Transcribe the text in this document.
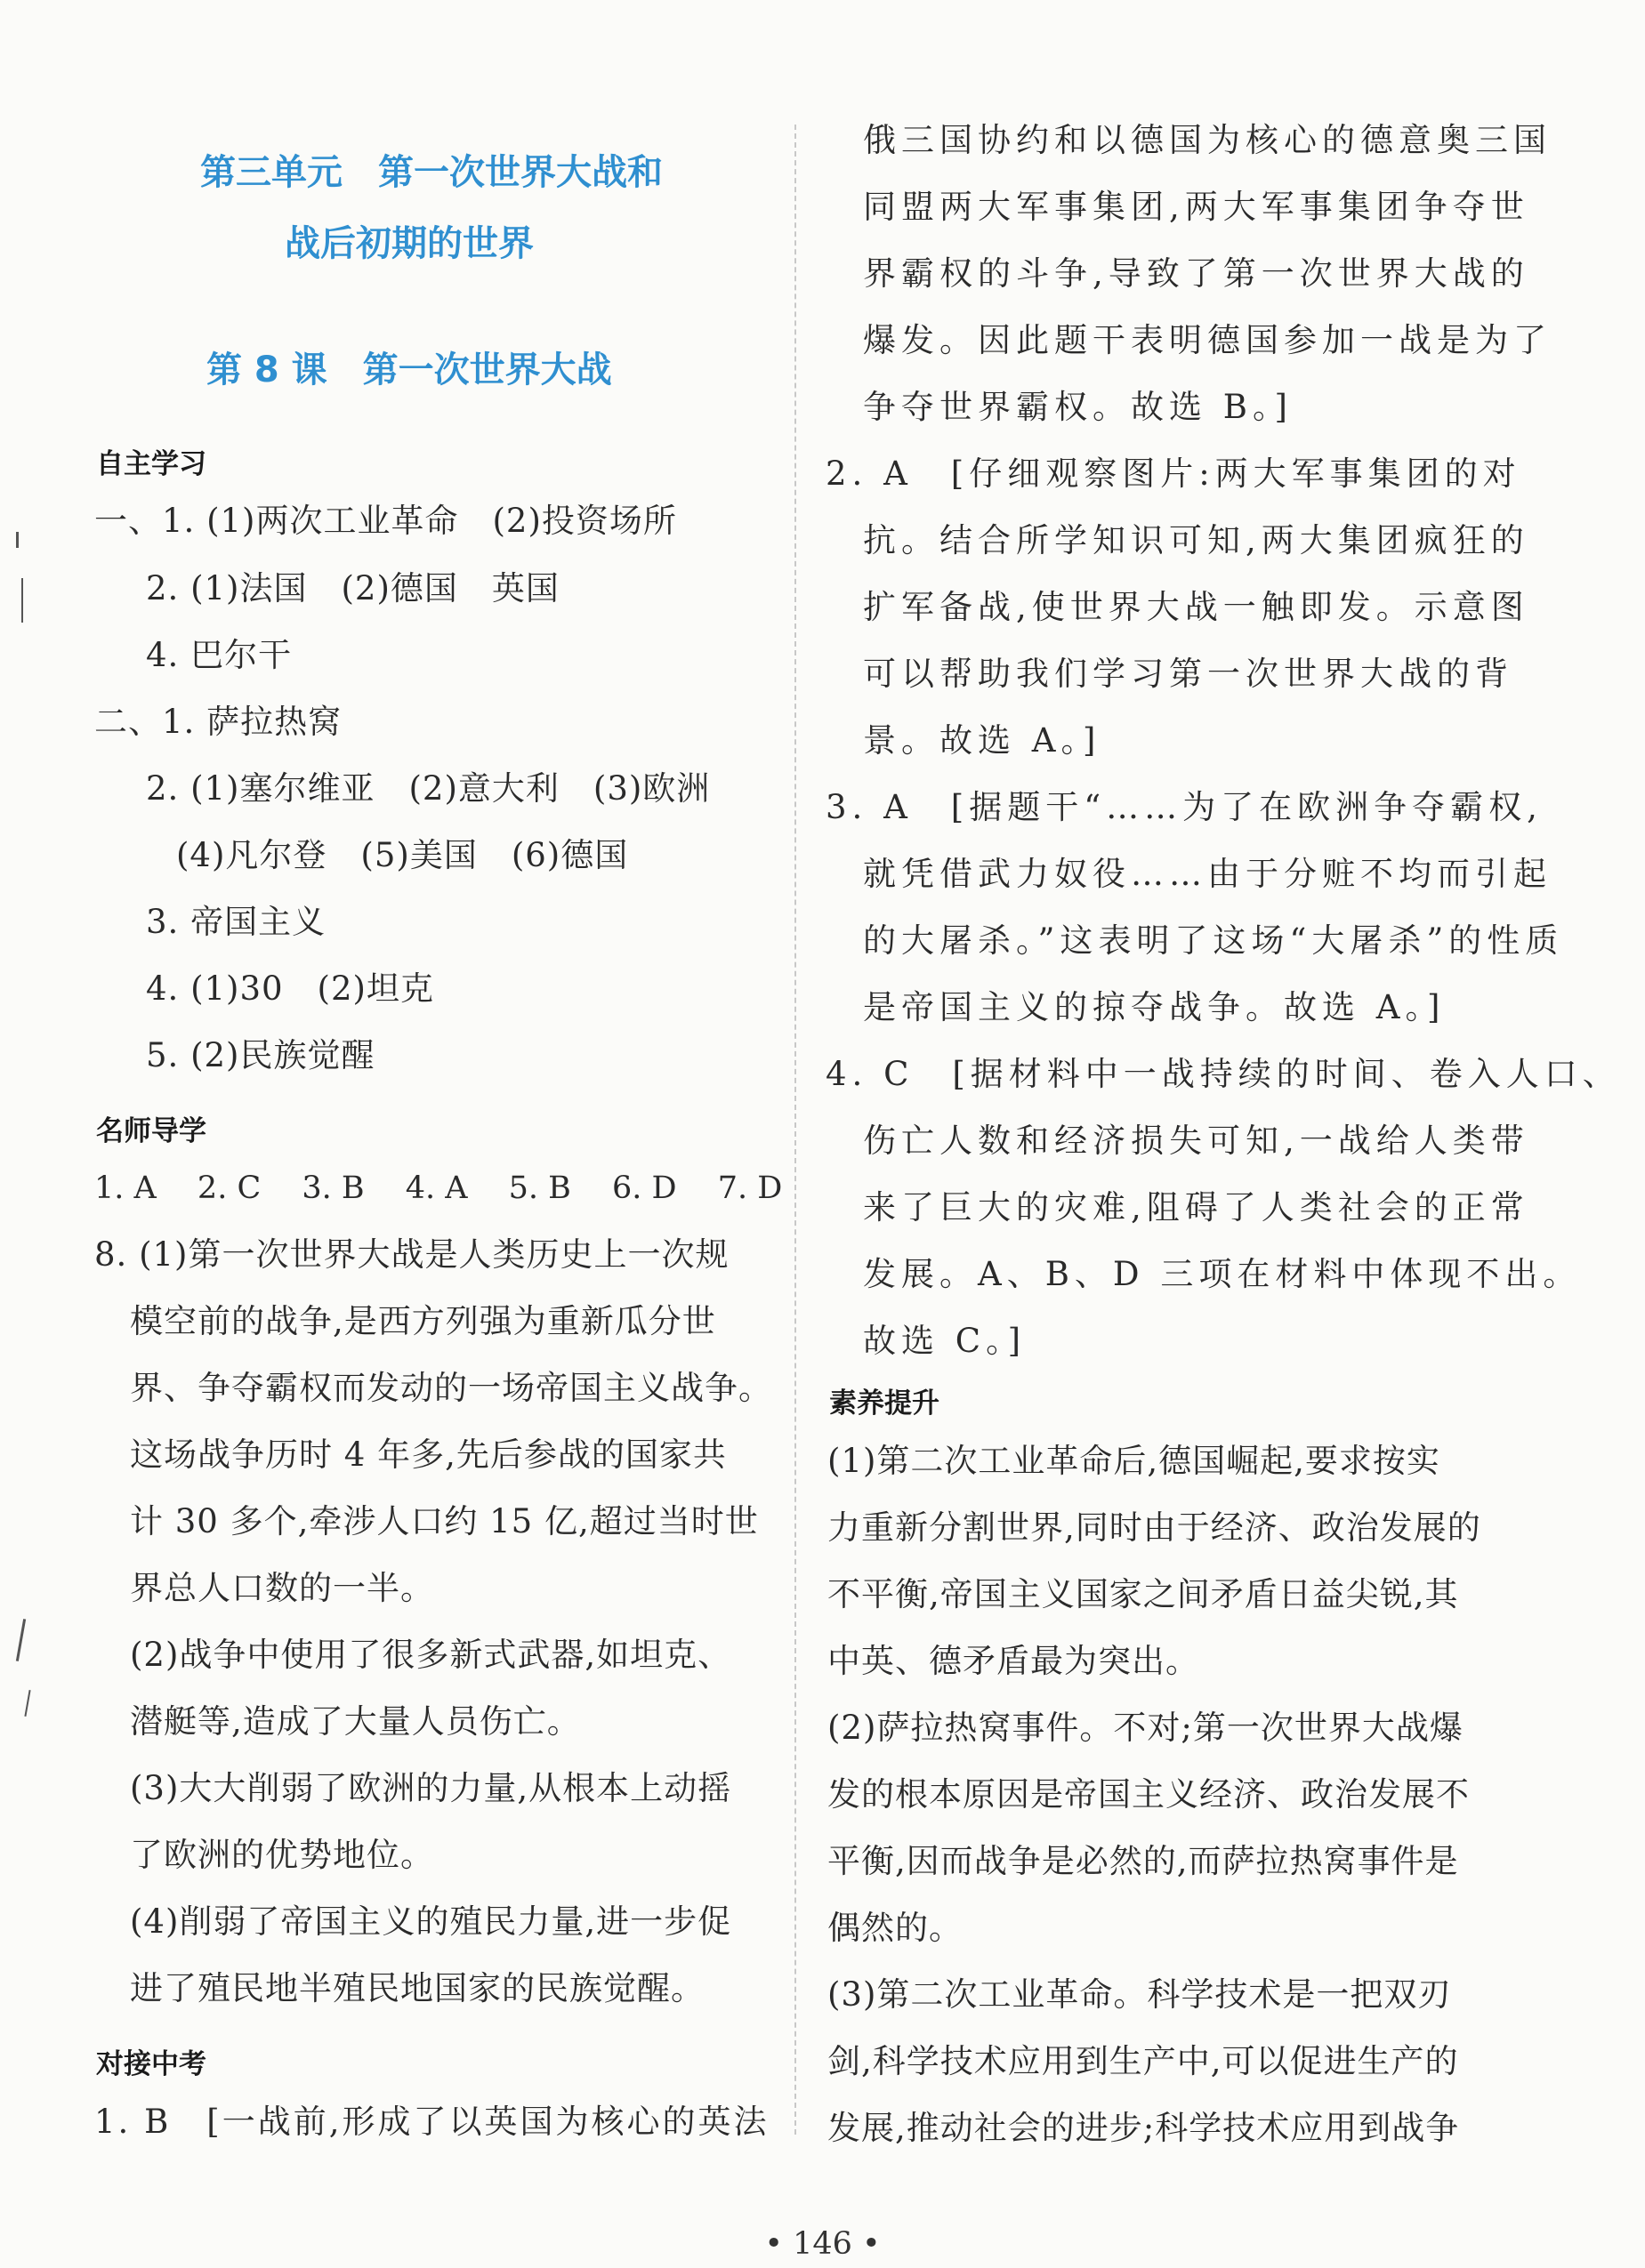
第三单元　第一次世界大战和
战后初期的世界
第 8 课　第一次世界大战
自主学习
一、1. (1)两次工业革命　(2)投资场所
2. (1)法国　(2)德国　英国
4. 巴尔干
二、1. 萨拉热窝
2. (1)塞尔维亚　(2)意大利　(3)欧洲
(4)凡尔登　(5)美国　(6)德国
3. 帝国主义
4. (1)30　(2)坦克
5. (2)民族觉醒
名师导学
1. A　 2. C　 3. B　 4. A　 5. B　 6. D　 7. D
8. (1)第一次世界大战是人类历史上一次规
模空前的战争,是西方列强为重新瓜分世
界、争夺霸权而发动的一场帝国主义战争。
这场战争历时 4 年多,先后参战的国家共
计 30 多个,牵涉人口约 15 亿,超过当时世
界总人口数的一半。
(2)战争中使用了很多新式武器,如坦克、
潜艇等,造成了大量人员伤亡。
(3)大大削弱了欧洲的力量,从根本上动摇
了欧洲的优势地位。
(4)削弱了帝国主义的殖民力量,进一步促
进了殖民地半殖民地国家的民族觉醒。
对接中考
1. B　[一战前,形成了以英国为核心的英法
俄三国协约和以德国为核心的德意奥三国
同盟两大军事集团,两大军事集团争夺世
界霸权的斗争,导致了第一次世界大战的
爆发。因此题干表明德国参加一战是为了
争夺世界霸权。故选 B。]
2. A　[仔细观察图片:两大军事集团的对
抗。结合所学知识可知,两大集团疯狂的
扩军备战,使世界大战一触即发。示意图
可以帮助我们学习第一次世界大战的背
景。故选 A。]
3. A　[据题干“……为了在欧洲争夺霸权,
就凭借武力奴役……由于分赃不均而引起
的大屠杀。”这表明了这场“大屠杀”的性质
是帝国主义的掠夺战争。故选 A。]
4. C　[据材料中一战持续的时间、卷入人口、
伤亡人数和经济损失可知,一战给人类带
来了巨大的灾难,阻碍了人类社会的正常
发展。A、B、D 三项在材料中体现不出。
故选 C。]
素养提升
(1)第二次工业革命后,德国崛起,要求按实
力重新分割世界,同时由于经济、政治发展的
不平衡,帝国主义国家之间矛盾日益尖锐,其
中英、德矛盾最为突出。
(2)萨拉热窝事件。不对;第一次世界大战爆
发的根本原因是帝国主义经济、政治发展不
平衡,因而战争是必然的,而萨拉热窝事件是
偶然的。
(3)第二次工业革命。科学技术是一把双刃
剑,科学技术应用到生产中,可以促进生产的
发展,推动社会的进步;科学技术应用到战争
• 146 •
